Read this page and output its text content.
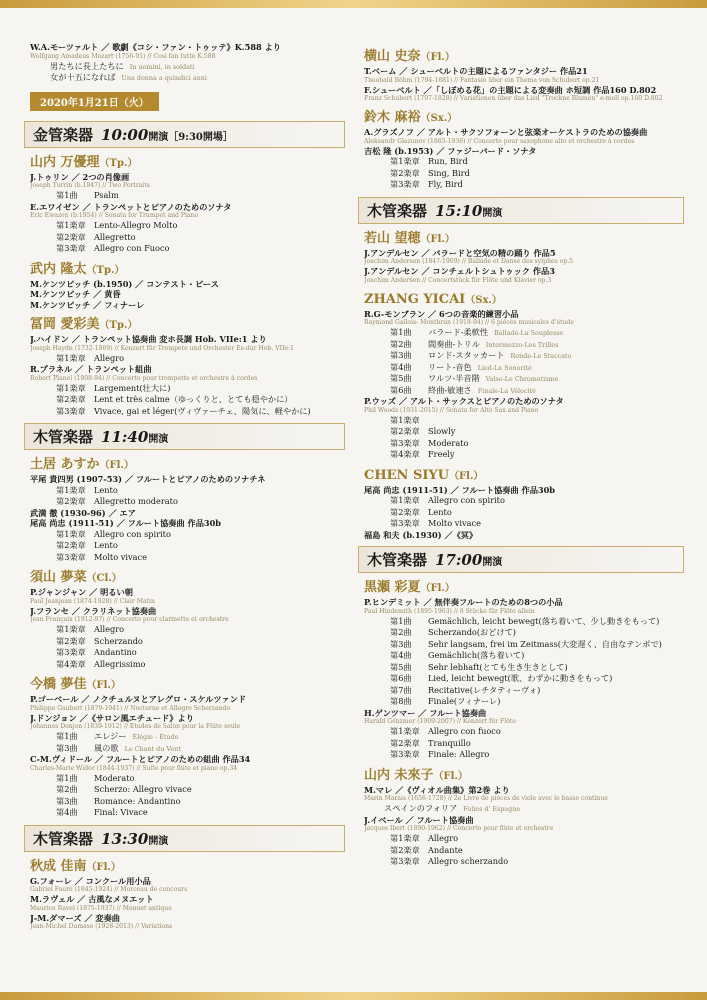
W.A.モーツァルト ／ 歌劇《コシ・ファン・トゥッテ》K.588 より
Wolfgang Amadeus Mozart (1756-91) // Così fan tutte K.588
男たちに長上たちに In uomini, in soldati
女が十五になれば Una donna a quindici anni
2020年1月21日（火）
金管楽器 10:00開演［9:30開場］
山内 万優理（Tp.）
J.トゥリン ／ 2つの肖像画
Joseph Turrin (b.1947) // Two Portraits
第1曲 Psalm
E.エワイゼン ／ トランペットとピアノのためのソナタ
Eric Ewazen (b.1954) // Sonata for Trumpet and Piano
第1楽章 Lento-Allegro Molto
第2楽章 Allegretto
第3楽章 Allegro con Fuoco
武内 隆太（Tp.）
M.ケンツピッチ (b.1950) ／ コンテスト・ピース
M.ケンツピッチ ／ 黄昏
M.ケンツピッチ ／ フィナーレ
冨岡 愛彩美（Tp.）
J.ハイドン ／ トランペット協奏曲 変ホ長調 Hob. VIIe:1 より
Joseph Haydn (1732-1809) // Konzert für Trompete und Orchester Es-dur Hob. VIIe:1
第1楽章 Allegro
R.プラネル ／ トランペット組曲
Robert Planel (1908-94) // Concerto pour trompette et orchestre à cordes
第1楽章 Largement(壮大に)
第2楽章 Lent et très calme（ゆっくりと、とても穏やかに）
第3楽章 Vivace, gai et léger(ヴィヴァーチェ、陽気に、軽やかに)
木管楽器 11:40開演
土居 あすか（Fl.）
平尾 貴四男 (1907-53) ／ フルートとピアノのためのソナチネ
第1楽章 Lento
第2楽章 Allegretto moderato
武満 徹 (1930-96) ／ エア
尾高 尚忠 (1911-51) ／ フルート協奏曲 作品30b
第1楽章 Allegro con spirito
第2楽章 Lento
第3楽章 Molto vivace
須山 夢菜（Cl.）
P.ジャンジャン ／ 明るい朝
Paul Jeanjean (1874-1928) // Clair Matin
J.フランセ ／ クラリネット協奏曲
Jean Françaix (1912-97) // Concerto pour clarinette et orchestre
第1楽章 Allegro
第2楽章 Scherzando
第3楽章 Andantino
第4楽章 Allegrissimo
今橋 夢佳（Fl.）
P.ゴーベール ／ ノクチュルヌとアレグロ・スケルツァンド
Philippe Gaubert (1879-1941) // Nocturne et Allegro Scherzando
J.ドンジョン ／《サロン風エチュード》より
Johannes Donjon (1839-1912) // Études de Salon pour la Flûte seule
第1曲 エレジー Élégie - Étude
第3曲 風の歌 Le Chant du Vent
C-M.ヴィドール ／ フルートとピアノのための組曲 作品34
Charles-Marie Widor (1844-1937) // Suite pour flûte et piano op.34
第1曲 Moderato
第2曲 Scherzo: Allegro vivace
第3曲 Romance: Andantino
第4曲 Final: Vivace
木管楽器 13:30開演
秋成 佳南（Fl.）
G.フォーレ ／ コンクール用小品
Gabriel Fauré (1845-1924) // Morceau de concours
M.ラヴェル ／ 古風なメヌエット
Maurice Ravel (1875-1937) // Menuet antique
J-M.ダマーズ ／ 変奏曲
Jean-Michel Damase (1928-2013) // Variations
横山 史奈（Fl.）
T.ベーム ／ シューベルトの主題によるファンタジー 作品21
Theobald Böhm (1794-1881) // Fantasie über ein Thema von Schubert op.21
F.シューベルト ／「しぼめる花」の主題による変奏曲 ホ短調 作品160 D.802
Franz Schubert (1797-1828) // Variationen über das Lied "Trockne Blumen" e-moll op.160 D.802
鈴木 麻裕（Sx.）
A.グラズノフ ／ アルト・サクソフォーンと弦楽オーケストラのための協奏曲
Aleksandr Glazunov (1865-1936) // Concerto pour saxophone alto et orchestre à cordes
吉松 隆 (b.1953) ／ ファジーバード・ソナタ
第1楽章 Run, Bird
第2楽章 Sing, Bird
第3楽章 Fly, Bird
木管楽器 15:10開演
若山 望穂（Fl.）
J.アンデルセン ／ バラードと空気の精の踊り 作品5
Joachim Andersen (1847-1909) // Ballade et Danse des sylphes op.5
J.アンデルセン ／ コンチェルトシュトゥック 作品3
Joachim Andersen // Concertstück für Flöte und Klavier op.3
ZHANG YICAI（Sx.）
R.G-モンブラン ／ 6つの音楽的練習小品
Raymond Gallois- Montbrun (1918-94) // 6 pièces musicales d'étude
第1曲 バラード-柔軟性 Ballade-La Souplesse
第2曲 間奏曲-トリル Intermezzo-Les Trilles
第3曲 ロンド-スタッカート Ronde-Le Staccato
第4曲 リート-音色 Lied-La Sonorité
第5曲 ワルツ-半音階 Valse-Le Chromatisme
第6曲 終曲-敏速さ Finale-La Vélocité
P.ウッズ ／ アルト・サックスとピアノのためのソナタ
Phil Woods (1931-2015) // Sonata for Alto Sax and Piano
第1楽章
第2楽章 Slowly
第3楽章 Moderato
第4楽章 Freely
CHEN SIYU（Fl.）
尾高 尚忠 (1911-51) ／ フルート協奏曲 作品30b
第1楽章 Allegro con spirito
第2楽章 Lento
第3楽章 Molto vivace
福島 和夫 (b.1930) ／《冥》
木管楽器 17:00開演
黒瀬 彩夏（Fl.）
P.ヒンデミット ／ 無伴奏フルートのための8つの小品
Paul Hindemith (1895-1963) // 8 Stücke für Flöte allein
第1曲 Gemächlich, leicht bewegt(落ち着いて、少し動きをもって)
第2曲 Scherzando(おどけて)
第3曲 Sehr langsam, frei im Zeitmass(大変遅く、自由なテンポで)
第4曲 Gemächlich(落ち着いて)
第5曲 Sehr lebhaft(とても生き生きとして)
第6曲 Lied, leicht bewegt(歌、わずかに動きをもって)
第7曲 Recitative(レチタティーヴォ)
第8曲 Finale(フィナーレ)
H.ゲンツマー ／ フルート協奏曲
Harald Genzmer (1909-2007) // Konzert für Flöte
第1楽章 Allegro con fuoco
第2楽章 Tranquillo
第3楽章 Finale: Allegro
山内 未來子（Fl.）
M.マレ ／《ヴィオル曲集》第2巻 より
Marin Marais (1656-1728) // 2e Livre de pièces de viole avec le basse continue
スペインのフォリア Folies d' Espagne
J.イベール ／ フルート協奏曲
Jacques Ibert (1890-1962) // Concerto pour flûte et orchestre
第1楽章 Allegro
第2楽章 Andante
第3楽章 Allegro scherzando
